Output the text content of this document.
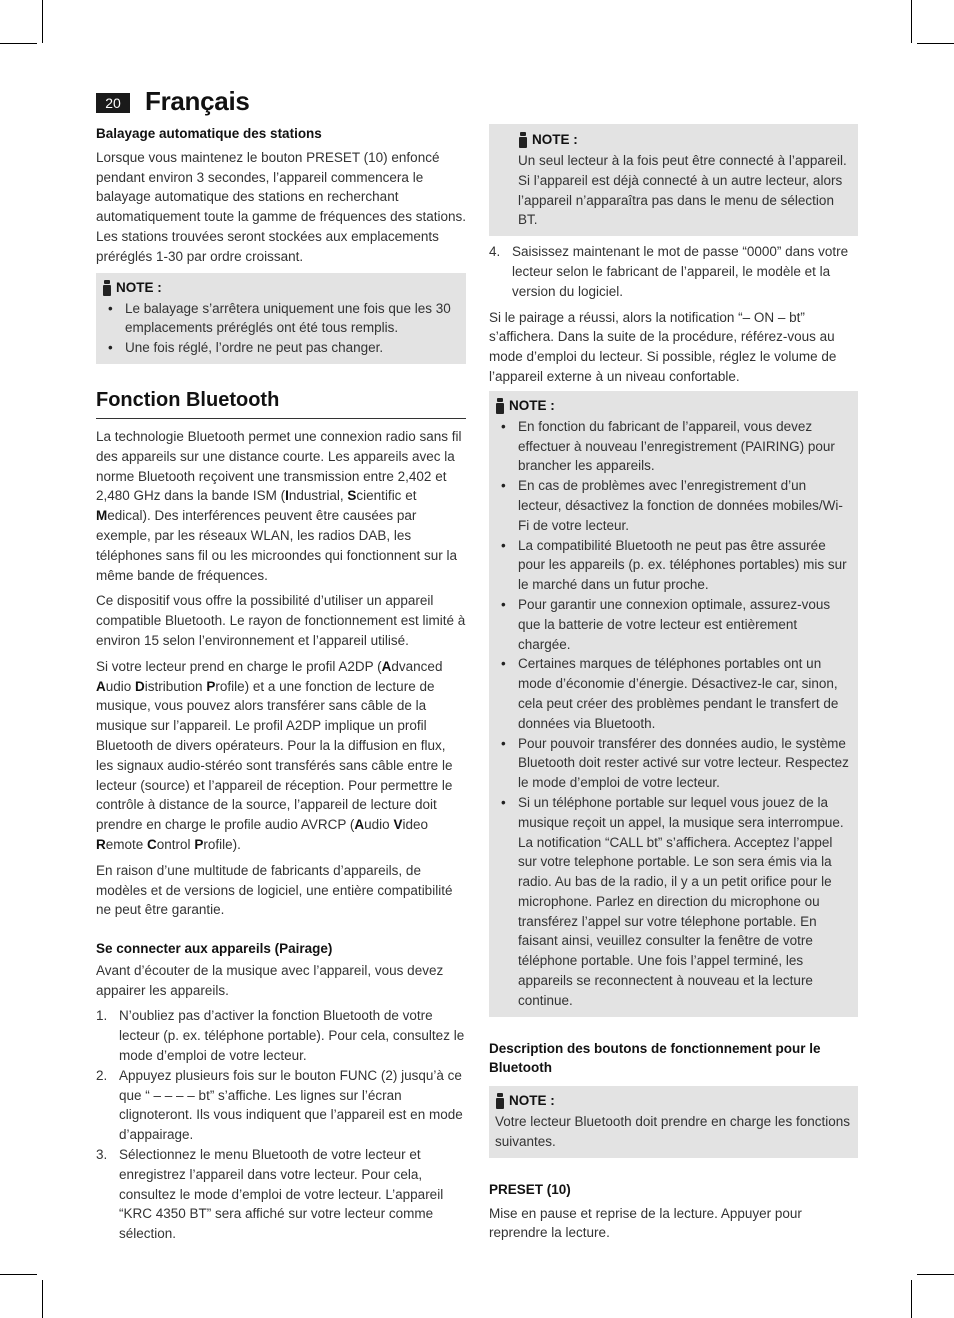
20 Français
Balayage automatique des stations

Lorsque vous maintenez le bouton PRESET (10) enfoncé pendant environ 3 secondes, l’appareil commencera le balayage automatique des stations en recherchant automatiquement toute la gamme de fréquences des stations. Les stations trouvées seront stockées aux emplacements préréglés 1-30 par ordre croissant.

NOTE :
• Le balayage s’arrêtera uniquement une fois que les 30 emplacements préréglés ont été tous remplis.
• Une fois réglé, l’ordre ne peut pas changer.
Fonction Bluetooth

La technologie Bluetooth permet une connexion radio sans fil des appareils sur une distance courte. Les appareils avec la norme Bluetooth reçoivent une transmission entre 2,402 et 2,480 GHz dans la bande ISM (Industrial, Scientific et Medical). Des interférences peuvent être causées par exemple, par les réseaux WLAN, les radios DAB, les téléphones sans fil ou les microondes qui fonctionnent sur la même bande de fréquences.

Ce dispositif vous offre la possibilité d’utiliser un appareil compatible Bluetooth. Le rayon de fonctionnement est limité à environ 15 selon l’environnement et l’appareil utilisé.

Si votre lecteur prend en charge le profil A2DP (Advanced Audio Distribution Profile) et a une fonction de lecture de musique, vous pouvez alors transférer sans câble de la musique sur l’appareil. Le profil A2DP implique un profil Bluetooth de divers opérateurs. Pour la la diffusion en flux, les signaux audio-stéréo sont transférés sans câble entre le lecteur (source) et l’appareil de réception. Pour permettre le contrôle à distance de la source, l’appareil de lecture doit prendre en charge le profile audio AVRCP (Audio Video Remote Control Profile).

En raison d’une multitude de fabricants d’appareils, de modèles et de versions de logiciel, une entière compatibilité ne peut être garantie.

Se connecter aux appareils (Pairage)

Avant d’écouter de la musique avec l’appareil, vous devez appairer les appareils.

1. N’oubliez pas d’activer la fonction Bluetooth de votre lecteur (p. ex. téléphone portable). Pour cela, consultez le mode d’emploi de votre lecteur.
2. Appuyez plusieurs fois sur le bouton FUNC (2) jusqu’à ce que “ – – – – bt” s’affiche. Les lignes sur l’écran clignoteront. Ils vous indiquent que l’appareil est en mode d’appairage.
3. Sélectionnez le menu Bluetooth de votre lecteur et enregistrez l’appareil dans votre lecteur. Pour cela, consultez le mode d’emploi de votre lecteur. L’appareil “KRC 4350 BT” sera affiché sur votre lecteur comme sélection.
NOTE :

Un seul lecteur à la fois peut être connecté à l’appareil. Si l’appareil est déjà connecté à un autre lecteur, alors l’appareil n’apparaîtra pas dans le menu de sélection BT.

4. Saisissez maintenant le mot de passe “0000” dans votre lecteur selon le fabricant de l’appareil, le modèle et la version du logiciel.

Si le pairage a réussi, alors la notification “– ON – bt” s’affichera. Dans la suite de la procédure, référez-vous au mode d’emploi du lecteur. Si possible, réglez le volume de l’appareil externe à un niveau confortable.

NOTE :
• En fonction du fabricant de l’appareil, vous devez effectuer à nouveau l’enregistrement (PAIRING) pour brancher les appareils.
• En cas de problèmes avec l’enregistrement d’un lecteur, désactivez la fonction de données mobiles/Wi-Fi de votre lecteur.
• La compatibilité Bluetooth ne peut pas être assurée pour les appareils (p. ex. téléphones portables) mis sur le marché dans un futur proche.
• Pour garantir une connexion optimale, assurez-vous que la batterie de votre lecteur est entièrement chargée.
• Certaines marques de téléphones portables ont un mode d’économie d’énergie. Désactivez-le car, sinon, cela peut créer des problèmes pendant le transfert de données via Bluetooth.
• Pour pouvoir transférer des données audio, le système Bluetooth doit rester activé sur votre lecteur. Respectez le mode d’emploi de votre lecteur.
• Si un téléphone portable sur lequel vous jouez de la musique reçoit un appel, la musique sera interrompue. La notification “CALL bt” s’affichera. Acceptez l’appel sur votre telephone portable. Le son sera émis via la radio. Au bas de la radio, il y a un petit orifice pour le microphone. Parlez en direction du microphone ou transférez l’appel sur votre télephone portable. En faisant ainsi, veuillez consulter la fenêtre de votre téléphone portable. Une fois l’appel terminé, les appareils se reconnectent à nouveau et la lecture continue.
Description des boutons de fonctionnement pour le Bluetooth
NOTE :

Votre lecteur Bluetooth doit prendre en charge les fonctions suivantes.

PRESET (10)

Mise en pause et reprise de la lecture. Appuyer pour reprendre la lecture.
